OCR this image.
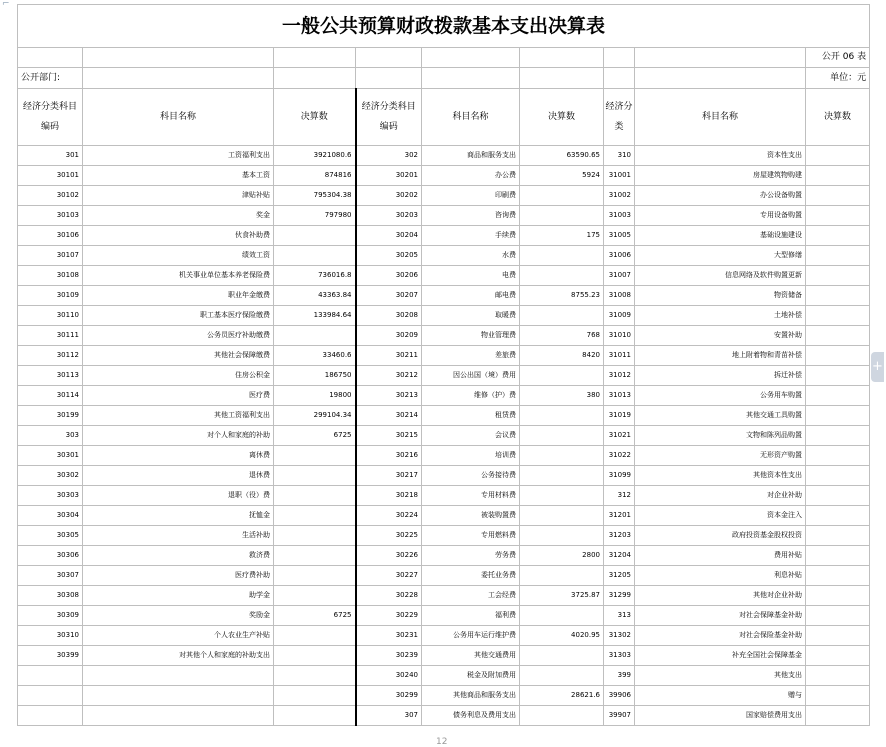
⌐
一般公共预算财政拨款基本支出决算表								
								公开 06 表
公开部门:								单位：元
经济分类科目编码	科目名称	决算数	经济分类科目编码	科目名称	决算数	经济分类	科目名称	决算数
301	工资福利支出	3921080.6	302	商品和服务支出	63590.65	310	资本性支出	
30101	基本工资	874816	30201	办公费	5924	31001	房屋建筑物购建	
30102	津贴补贴	795304.38	30202	印刷费		31002	办公设备购置	
30103	奖金	797980	30203	咨询费		31003	专用设备购置	
30106	伙食补助费		30204	手续费	175	31005	基础设施建设	
30107	绩效工资		30205	水费		31006	大型修缮	
30108	机关事业单位基本养老保险费	736016.8	30206	电费		31007	信息网络及软件购置更新	
30109	职业年金缴费	43363.84	30207	邮电费	8755.23	31008	物资储备	
30110	职工基本医疗保险缴费	133984.64	30208	取暖费		31009	土地补偿	
30111	公务员医疗补助缴费		30209	物业管理费	768	31010	安置补助	
30112	其他社会保障缴费	33460.6	30211	差旅费	8420	31011	地上附着物和青苗补偿	
30113	住房公积金	186750	30212	因公出国（境）费用		31012	拆迁补偿	
30114	医疗费	19800	30213	维修（护）费	380	31013	公务用车购置	
30199	其他工资福利支出	299104.34	30214	租赁费		31019	其他交通工具购置	
303	对个人和家庭的补助	6725	30215	会议费		31021	文物和陈列品购置	
30301	离休费		30216	培训费		31022	无形资产购置	
30302	退休费		30217	公务接待费		31099	其他资本性支出	
30303	退职（役）费		30218	专用材料费		312	对企业补助	
30304	抚恤金		30224	被装购置费		31201	资本金注入	
30305	生活补助		30225	专用燃料费		31203	政府投资基金股权投资	
30306	救济费		30226	劳务费	2800	31204	费用补贴	
30307	医疗费补助		30227	委托业务费		31205	利息补贴	
30308	助学金		30228	工会经费	3725.87	31299	其他对企业补助	
30309	奖励金	6725	30229	福利费		313	对社会保障基金补助	
30310	个人农业生产补贴		30231	公务用车运行维护费	4020.95	31302	对社会保险基金补助	
30399	对其他个人和家庭的补助支出		30239	其他交通费用		31303	补充全国社会保障基金	
			30240	税金及附加费用		399	其他支出	
			30299	其他商品和服务支出	28621.6	39906	赠与	
			307	债务利息及费用支出		39907	国家赔偿费用支出	
12
+
